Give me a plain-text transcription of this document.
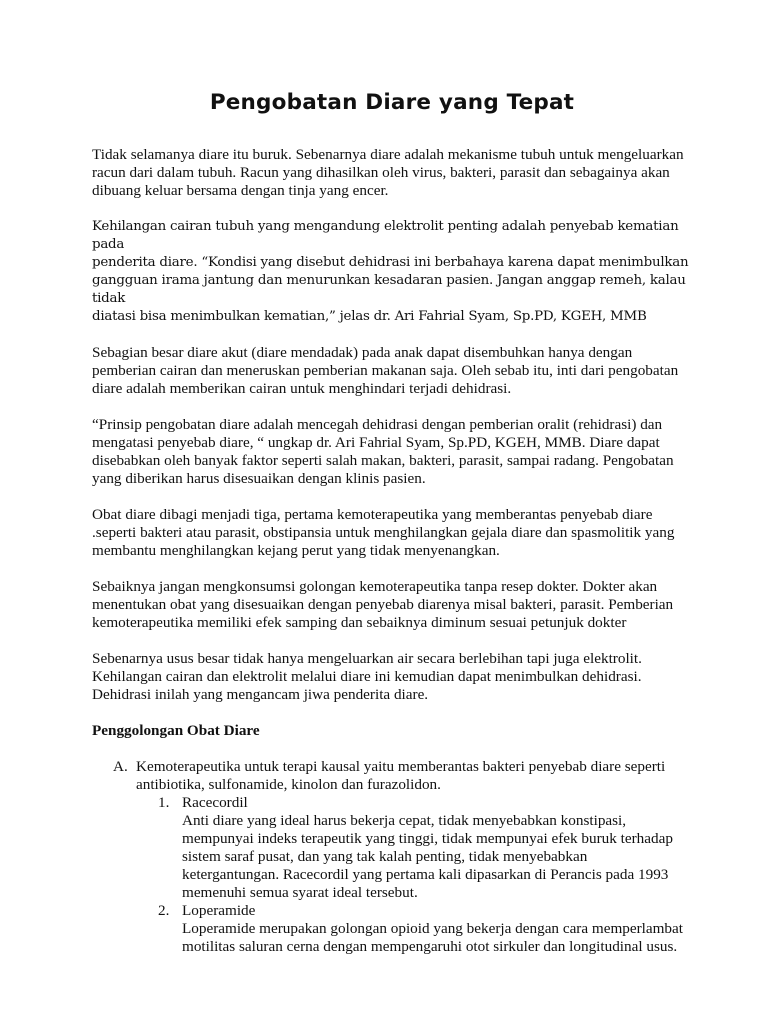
Pengobatan Diare yang Tepat

Tidak selamanya diare itu buruk. Sebenarnya diare adalah mekanisme tubuh untuk mengeluarkan
racun dari dalam tubuh. Racun yang dihasilkan oleh virus, bakteri, parasit dan sebagainya akan
dibuang keluar bersama dengan tinja yang encer.

Kehilangan cairan tubuh yang mengandung elektrolit penting adalah penyebab kematian pada
penderita diare. “Kondisi yang disebut dehidrasi ini berbahaya karena dapat menimbulkan
gangguan irama jantung dan menurunkan kesadaran pasien. Jangan anggap remeh, kalau tidak
diatasi bisa menimbulkan kematian,” jelas dr. Ari Fahrial Syam, Sp.PD, KGEH, MMB

Sebagian besar diare akut (diare mendadak) pada anak dapat disembuhkan hanya dengan
pemberian cairan dan meneruskan pemberian makanan saja. Oleh sebab itu, inti dari pengobatan
diare adalah memberikan cairan untuk menghindari terjadi dehidrasi.

“Prinsip pengobatan diare adalah mencegah dehidrasi dengan pemberian oralit (rehidrasi) dan
mengatasi penyebab diare, “ ungkap dr. Ari Fahrial Syam, Sp.PD, KGEH, MMB. Diare dapat
disebabkan oleh banyak faktor seperti salah makan, bakteri, parasit, sampai radang. Pengobatan
yang diberikan harus disesuaikan dengan klinis pasien.

Obat diare dibagi menjadi tiga, pertama kemoterapeutika yang memberantas penyebab diare
.seperti bakteri atau parasit, obstipansia untuk menghilangkan gejala diare dan spasmolitik yang
membantu menghilangkan kejang perut yang tidak menyenangkan.

Sebaiknya jangan mengkonsumsi golongan kemoterapeutika tanpa resep dokter. Dokter akan
menentukan obat yang disesuaikan dengan penyebab diarenya misal bakteri, parasit. Pemberian
kemoterapeutika memiliki efek samping dan sebaiknya diminum sesuai petunjuk dokter

Sebenarnya usus besar tidak hanya mengeluarkan air secara berlebihan tapi juga elektrolit.
Kehilangan cairan dan elektrolit melalui diare ini kemudian dapat menimbulkan dehidrasi.
Dehidrasi inilah yang mengancam jiwa penderita diare.

Penggolongan Obat Diare
A. Kemoterapeutika untuk terapi kausal yaitu memberantas bakteri penyebab diare seperti
antibiotika, sulfonamide, kinolon dan furazolidon.
1. Racecordil
Anti diare yang ideal harus bekerja cepat, tidak menyebabkan konstipasi,
mempunyai indeks terapeutik yang tinggi, tidak mempunyai efek buruk terhadap
sistem saraf pusat, dan yang tak kalah penting, tidak menyebabkan
ketergantungan. Racecordil yang pertama kali dipasarkan di Perancis pada 1993
memenuhi semua syarat ideal tersebut.
2. Loperamide
Loperamide merupakan golongan opioid yang bekerja dengan cara memperlambat
motilitas saluran cerna dengan mempengaruhi otot sirkuler dan longitudinal usus.
